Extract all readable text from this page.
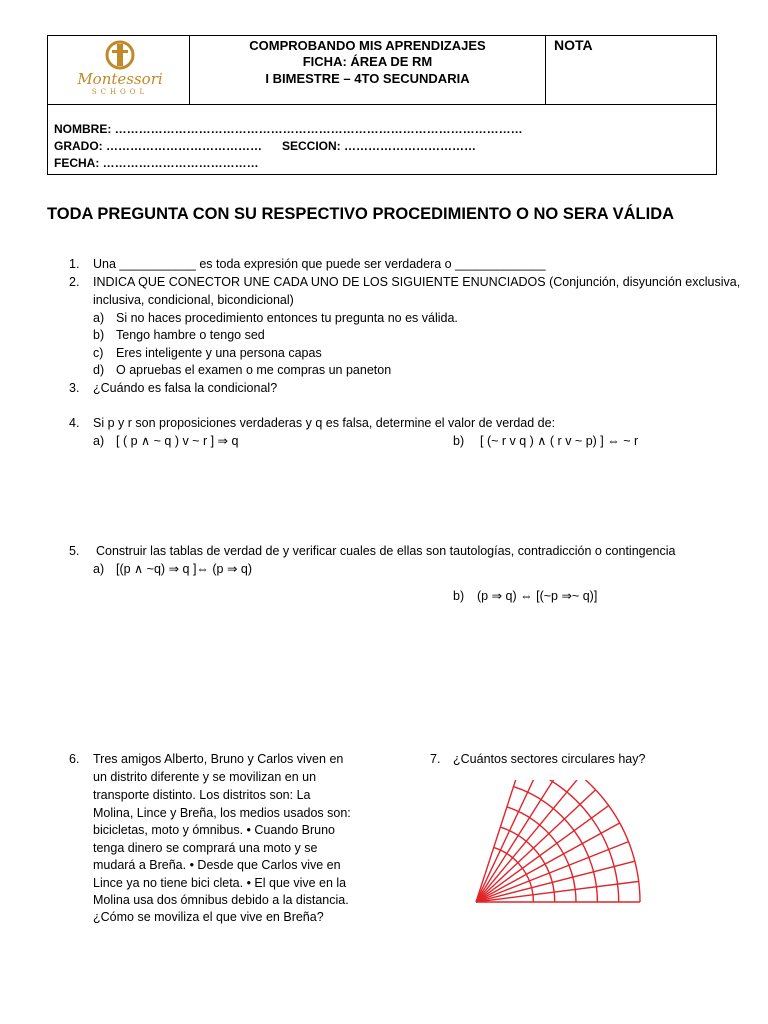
Montessori
SCHOOL
COMPROBANDO MIS APRENDIZAJES
FICHA: ÁREA DE RM
I BIMESTRE – 4TO SECUNDARIA
NOTA
NOMBRE: …………………………………………………………………………………………
GRADO: ………………………………… SECCION: ……………………………
FECHA: …………………………………
TODA PREGUNTA CON SU RESPECTIVO PROCEDIMIENTO O NO SERA VÁLIDA
1. Una ___________ es toda expresión que puede ser verdadera o _____________
2. INDICA QUE CONECTOR UNE CADA UNO DE LOS SIGUIENTE ENUNCIADOS (Conjunción, disyunción exclusiva,
inclusiva, condicional, bicondicional)
a) Si no haces procedimiento entonces tu pregunta no es válida.
b) Tengo hambre o tengo sed
c) Eres inteligente y una persona capas
d) O apruebas el examen o me compras un paneton
3. ¿Cuándo es falsa la condicional?
4. Si p y r son proposiciones verdaderas y q es falsa, determine el valor de verdad de:
a) [ ( p ∧ ~ q ) v ~ r ] ⇒ q	b) [ (~ r v q ) ∧ ( r v ~ p) ] ⇔ ~ r
5. Construir las tablas de verdad de y verificar cuales de ellas son tautologías, contradicción o contingencia
a) [(p ∧ ~q) ⇒ q ]⇔ (p ⇒ q)
b) (p ⇒ q) ⇔ [(~p ⇒~ q)]
6. Tres amigos Alberto, Bruno y Carlos viven en
un distrito diferente y se movilizan en un
transporte distinto. Los distritos son: La
Molina, Lince y Breña, los medios usados son:
bicicletas, moto y ómnibus. • Cuando Bruno
tenga dinero se comprará una moto y se
mudará a Breña. • Desde que Carlos vive en
Lince ya no tiene bici cleta. • El que vive en la
Molina usa dos ómnibus debido a la distancia.
¿Cómo se moviliza el que vive en Breña?
7. ¿Cuántos sectores circulares hay?
